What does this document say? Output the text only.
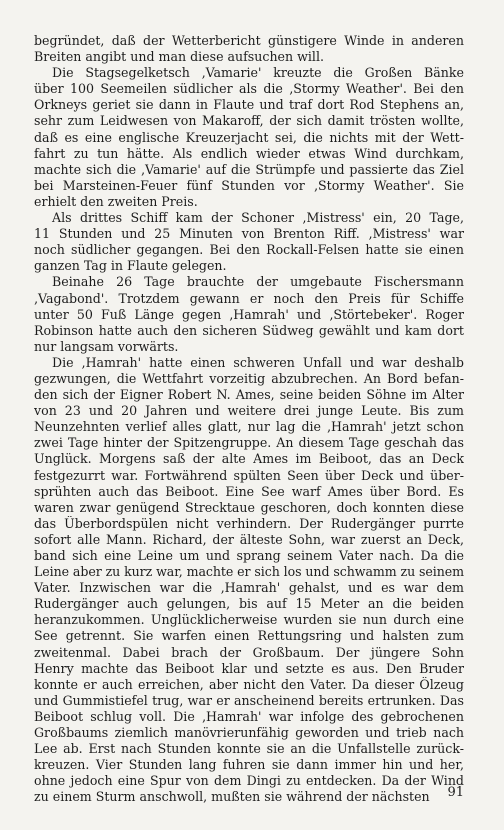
begründet, daß der Wetterbericht günstigere Winde in anderen
Breiten angibt und man diese aufsuchen will.
Die Stagsegelketsch ‚Vamarie' kreuzte die Großen Bänke
über 100 Seemeilen südlicher als die ‚Stormy Weather'. Bei den
Orkneys geriet sie dann in Flaute und traf dort Rod Stephens an,
sehr zum Leidwesen von Makaroff, der sich damit trösten wollte,
daß es eine englische Kreuzerjacht sei, die nichts mit der Wett-
fahrt zu tun hätte. Als endlich wieder etwas Wind durchkam,
machte sich die ‚Vamarie' auf die Strümpfe und passierte das Ziel
bei Marsteinen-Feuer fünf Stunden vor ‚Stormy Weather'. Sie
erhielt den zweiten Preis.
Als drittes Schiff kam der Schoner ‚Mistress' ein, 20 Tage,
11 Stunden und 25 Minuten von Brenton Riff. ‚Mistress' war
noch südlicher gegangen. Bei den Rockall-Felsen hatte sie einen
ganzen Tag in Flaute gelegen.
Beinahe 26 Tage brauchte der umgebaute Fischersmann
‚Vagabond'. Trotzdem gewann er noch den Preis für Schiffe
unter 50 Fuß Länge gegen ‚Hamrah' und ‚Störtebeker'. Roger
Robinson hatte auch den sicheren Südweg gewählt und kam dort
nur langsam vorwärts.
Die ‚Hamrah' hatte einen schweren Unfall und war deshalb
gezwungen, die Wettfahrt vorzeitig abzubrechen. An Bord befan-
den sich der Eigner Robert N. Ames, seine beiden Söhne im Alter
von 23 und 20 Jahren und weitere drei junge Leute. Bis zum
Neunzehnten verlief alles glatt, nur lag die ‚Hamrah' jetzt schon
zwei Tage hinter der Spitzengruppe. An diesem Tage geschah das
Unglück. Morgens saß der alte Ames im Beiboot, das an Deck
festgezurrt war. Fortwährend spülten Seen über Deck und über-
sprühten auch das Beiboot. Eine See warf Ames über Bord. Es
waren zwar genügend Strecktaue geschoren, doch konnten diese
das Überbordspülen nicht verhindern. Der Rudergänger purrte
sofort alle Mann. Richard, der älteste Sohn, war zuerst an Deck,
band sich eine Leine um und sprang seinem Vater nach. Da die
Leine aber zu kurz war, machte er sich los und schwamm zu seinem
Vater. Inzwischen war die ‚Hamrah' gehalst, und es war dem
Rudergänger auch gelungen, bis auf 15 Meter an die beiden
heranzukommen. Unglücklicherweise wurden sie nun durch eine
See getrennt. Sie warfen einen Rettungsring und halsten zum
zweitenmal. Dabei brach der Großbaum. Der jüngere Sohn
Henry machte das Beiboot klar und setzte es aus. Den Bruder
konnte er auch erreichen, aber nicht den Vater. Da dieser Ölzeug
und Gummistiefel trug, war er anscheinend bereits ertrunken. Das
Beiboot schlug voll. Die ‚Hamrah' war infolge des gebrochenen
Großbaums ziemlich manövrierunfähig geworden und trieb nach
Lee ab. Erst nach Stunden konnte sie an die Unfallstelle zurück-
kreuzen. Vier Stunden lang fuhren sie dann immer hin und her,
ohne jedoch eine Spur von dem Dingi zu entdecken. Da der Wind
zu einem Sturm anschwoll, mußten sie während der nächsten	91
